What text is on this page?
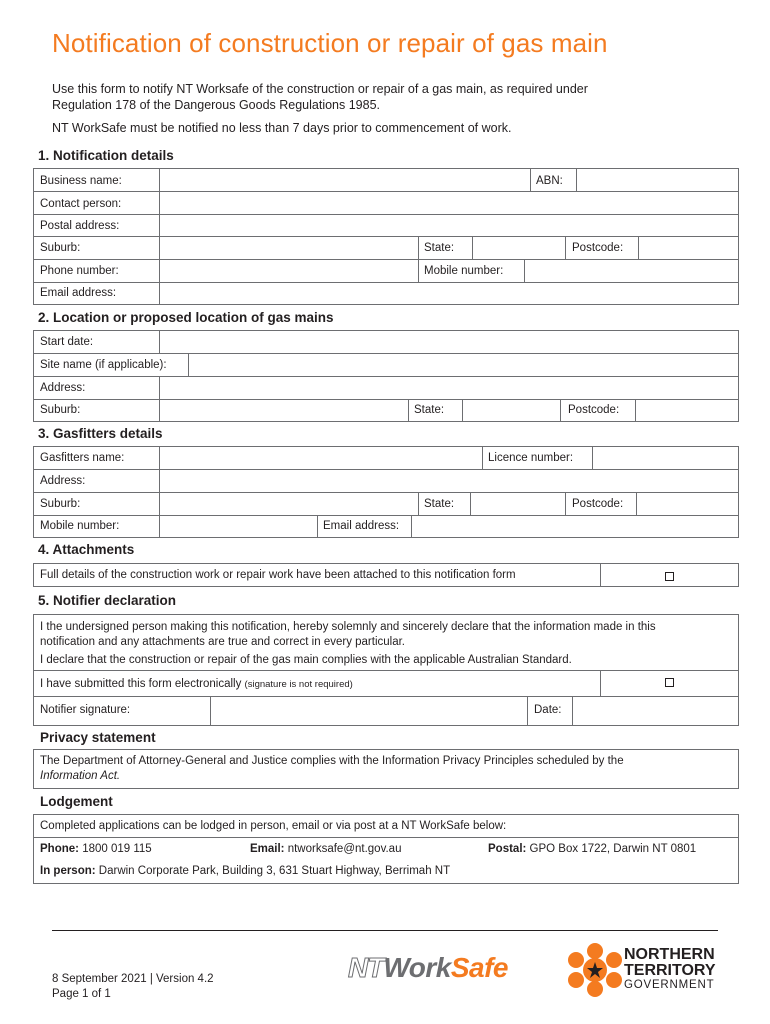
Notification of construction or repair of gas main
Use this form to notify NT Worksafe of the construction or repair of a gas main, as required under
Regulation 178 of the Dangerous Goods Regulations 1985.
NT WorkSafe must be notified no less than 7 days prior to commencement of work.
1. Notification details
Business name:	ABN:
Contact person:
Postal address:
Suburb:	State:	Postcode:
Phone number:	Mobile number:
Email address:
2. Location or proposed location of gas mains
Start date:
Site name (if applicable):
Address:
Suburb:	State:	Postcode:
3. Gasfitters details
Gasfitters name:	Licence number:
Address:
Suburb:	State:	Postcode:
Mobile number:	Email address:
4. Attachments
Full details of the construction work or repair work have been attached to this notification form
5. Notifier declaration
I the undersigned person making this notification, hereby solemnly and sincerely declare that the information made in this
notification and any attachments are true and correct in every particular.
I declare that the construction or repair of the gas main complies with the applicable Australian Standard.
I have submitted this form electronically (signature is not required)
Notifier signature:	Date:
Privacy statement
The Department of Attorney-General and Justice complies with the Information Privacy Principles scheduled by the
Information Act.
Lodgement
Completed applications can be lodged in person, email or via post at a NT WorkSafe below:
Phone: 1800 019 115	Email: ntworksafe@nt.gov.au	Postal: GPO Box 1722, Darwin NT 0801
In person: Darwin Corporate Park, Building 3, 631 Stuart Highway, Berrimah NT
8 September 2021 | Version 4.2
Page 1 of 1
NTWorkSafe	NORTHERN
TERRITORY
GOVERNMENT
